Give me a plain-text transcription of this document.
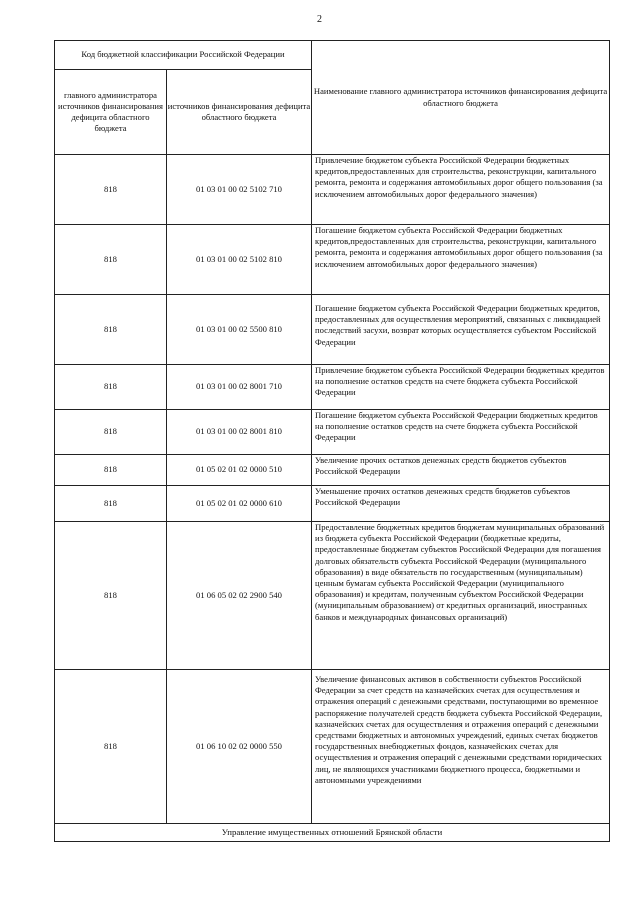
2
Код бюджетной классификации Российской Федерации		Наименование главного администратора источников финансирования дефицита областного бюджета
главного администратора источников финансирования дефицита областного бюджета	источников финансирования дефицита областного бюджета	
818	01 03 01 00 02 5102 710	Привлечение бюджетом субъекта Российской Федерации бюджетных кредитов,предоставленных для строительства, реконструкции, капитального ремонта, ремонта и содержания автомобильных дорог общего пользования (за исключением автомобильных дорог федерального значения)
818	01 03 01 00 02 5102 810	Погашение бюджетом субъекта Российской Федерации бюджетных кредитов,предоставленных для строительства, реконструкции, капитального ремонта, ремонта и содержания автомобильных дорог общего пользования (за исключением автомобильных дорог федерального значения)
818	01 03 01 00 02 5500 810	Погашение бюджетом субъекта Российской Федерации бюджетных кредитов, предоставленных для осуществления мероприятий, связанных с ликвидацией последствий засухи, возврат которых осуществляется субъектом Российской Федерации
818	01 03 01 00 02 8001 710	Привлечение бюджетом субъекта Российской Федерации бюджетных кредитов на пополнение остатков средств на счете бюджета субъекта Российской Федерации
818	01 03 01 00 02 8001 810	Погашение бюджетом субъекта Российской Федерации бюджетных кредитов на пополнение остатков средств на счете бюджета субъекта Российской Федерации
818	01 05 02 01 02 0000 510	Увеличение прочих остатков денежных средств бюджетов субъектов Российской Федерации
818	01 05 02 01 02 0000 610	Уменьшение прочих остатков денежных средств бюджетов субъектов Российской Федерации
818	01 06 05 02 02 2900 540	Предоставление бюджетных кредитов бюджетам муниципальных образований из бюджета субъекта Российской Федерации (бюджетные кредиты, предоставленные бюджетам субъектов Российской Федерации для погашения долговых обязательств субъекта Российской Федерации (муниципального образования) в виде обязательств по государственным (муниципальным) ценным бумагам субъекта Российской Федерации (муниципального образования) и кредитам, полученным субъектом Российской Федерации (муниципальным образованием) от кредитных организаций, иностранных банков и международных финансовых организаций)
818	01 06 10 02 02 0000 550	Увеличение финансовых активов в собственности субъектов Российской Федерации за счет средств на казначейских счетах для осуществления и отражения операций с денежными средствами, поступающими во временное распоряжение получателей средств бюджета субъекта Российской Федерации, казначейских счетах для осуществления и отражения операций с денежными средствами бюджетных и автономных учреждений, единых счетах бюджетов государственных внебюджетных фондов, казначейских счетах для осуществления и отражения операций с денежными средствами юридических лиц, не являющихся участниками бюджетного процесса, бюджетными и автономными учреждениями
Управление имущественных отношений Брянской области		
